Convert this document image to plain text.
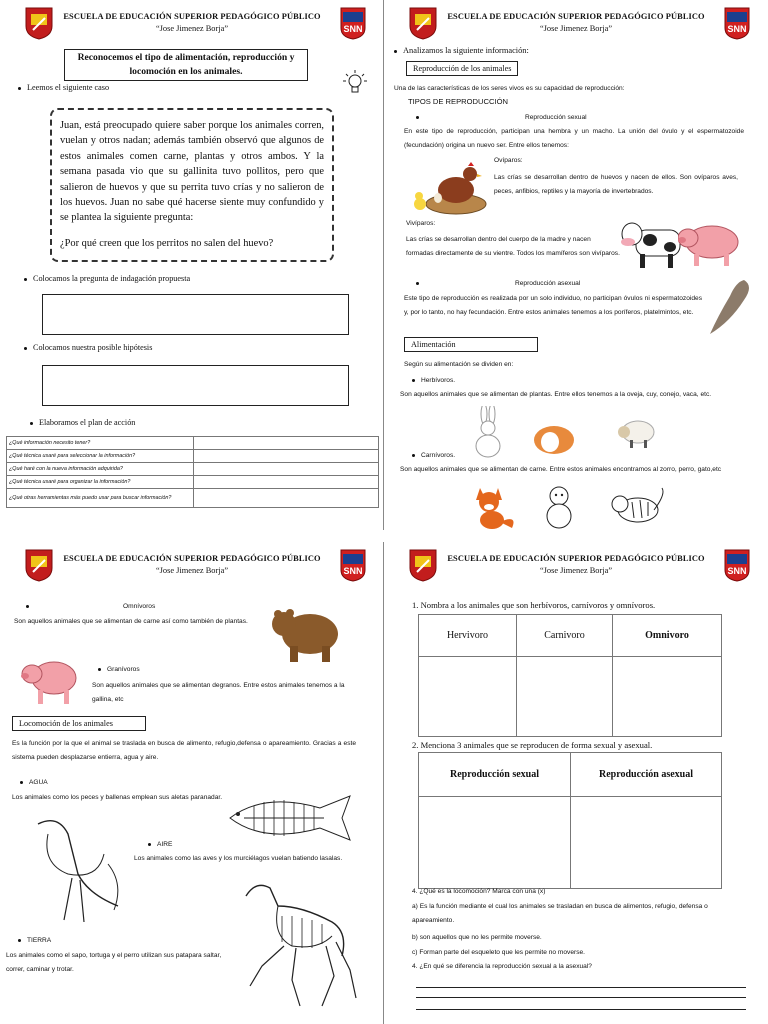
ESCUELA DE EDUCACIÓN SUPERIOR PEDAGÓGICO PÚBLICO
“Jose Jimenez Borja”	SNN
Reconocemos el tipo de alimentación, reproducción y locomoción en los animales.
Leemos el siguiente caso
Juan, está preocupado quiere saber porque los animales corren, vuelan y otros nadan; además también observó que algunos de estos animales comen carne, plantas y otros ambos. Y la semana pasada vio que su gallinita tuvo pollitos, pero que salieron de huevos y que su perrita tuvo crías y no salieron de los huevos. Juan no sabe qué hacerse siente muy confundido y se plantea la siguiente pregunta:
¿Por qué creen que los perritos no salen del huevo?
Colocamos la pregunta de indagación propuesta
Colocamos nuestra posible hipótesis
Elaboramos el plan de acción
¿Qué información necesito tener?	
¿Qué técnica usaré para seleccionar la información?	
¿Qué haré con la nueva información adquirida?	
¿Qué técnica usaré para organizar la información?	
¿Qué otras herramientas más puedo usar para buscar información?	
ESCUELA DE EDUCACIÓN SUPERIOR PEDAGÓGICO PÚBLICO
“Jose Jimenez Borja”	SNN
Analizamos la siguiente información:
Reproducción de los animales
Una de las características de los seres vivos es su capacidad de reproducción:
TIPOS DE REPRODUCCIÓN
Reproducción sexual
En este tipo de reproducción, participan una hembra y un macho. La unión del óvulo y el espermatozoide (fecundación) origina un nuevo ser. Entre ellos tenemos:
Ovíparos:
Las crías se desarrollan dentro de huevos y nacen de ellos. Son ovíparos aves, peces, anfibios, reptiles y la mayoría de invertebrados.
Vivíparos:
Las crías se desarrollan dentro del cuerpo de la madre y nacen formadas directamente de su vientre. Todos los mamíferos son vivíparos.
Reproducción asexual
Este tipo de reproducción es realizada por un solo individuo, no participan óvulos ni espermatozoides y, por lo tanto, no hay fecundación. Entre estos animales tenemos a los poríferos, platelmintos, etc.
Alimentación
Según su alimentación se dividen en:
Herbívoros.
Son aquellos animales que se alimentan de plantas. Entre ellos tenemos a la oveja, cuy, conejo, vaca, etc.
Carnívoros.
Son aquellos animales que se alimentan de carne. Entre estos animales encontramos al zorro, perro, gato,etc
ESCUELA DE EDUCACIÓN SUPERIOR PEDAGÓGICO PÚBLICO
“Jose Jimenez Borja”	SNN
Omnívoros
Son aquellos animales que se alimentan de carne así como también de plantas.
Granívoros
Son aquellos animales que se alimentan degranos. Entre estos animales tenemos a la gallina, etc
Locomoción de los animales
Es la función por la que el animal se traslada en busca de alimento, refugio,defensa o apareamiento. Gracias a este sistema pueden desplazarse entierra, agua y aire.
AGUA
Los animales como los peces y ballenas emplean sus aletas paranadar.
AIRE
Los animales como las aves y los murciélagos vuelan batiendo lasalas.
TIERRA
Los animales como el sapo, tortuga y el perro utilizan sus patapara saltar, correr, caminar y trotar.
ESCUELA DE EDUCACIÓN SUPERIOR PEDAGÓGICO PÚBLICO
“Jose Jimenez Borja”	SNN
1. Nombra a los animales que son herbívoros, carnívoros y omnívoros.
Hervivoro	Carnivoro	Omnivoro

2. Menciona 3 animales que se reproducen de forma sexual y asexual.
Reproducción sexual	Reproducción asexual

4. ¿Qué es la locomoción? Marca con una (x)
a) Es la función mediante el cual los animales se trasladan en busca de alimentos, refugio, defensa o apareamiento.
b) son aquellos que no les permite moverse.
c) Forman parte del esqueleto que les permite no moverse.
4. ¿En qué se diferencia la reproducción sexual a la asexual?
